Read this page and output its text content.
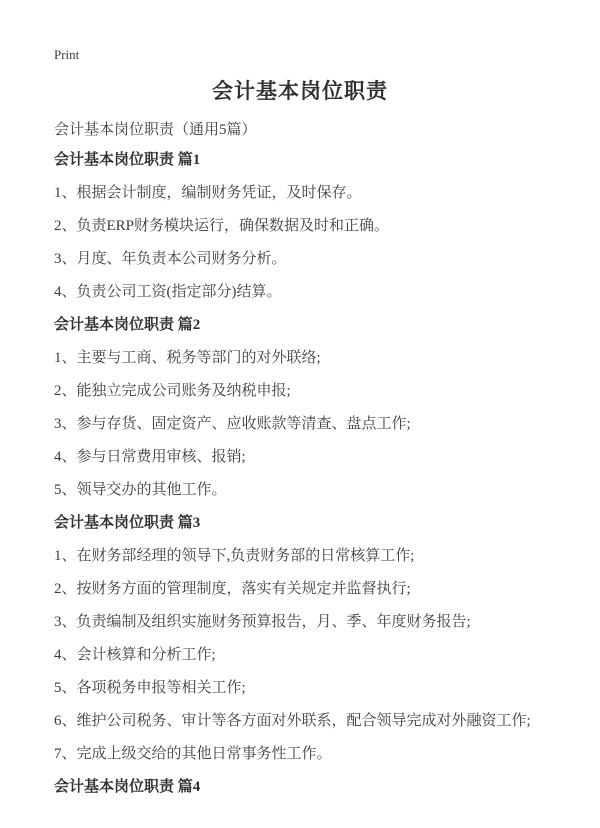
Print
会计基本岗位职责

会计基本岗位职责（通用5篇）

会计基本岗位职责 篇1

1、根据会计制度，编制财务凭证，及时保存。

2、负责ERP财务模块运行，确保数据及时和正确。

3、月度、年负责本公司财务分析。

4、负责公司工资(指定部分)结算。

会计基本岗位职责 篇2

1、主要与工商、税务等部门的对外联络;

2、能独立完成公司账务及纳税申报;

3、参与存货、固定资产、应收账款等清查、盘点工作;

4、参与日常费用审核、报销;

5、领导交办的其他工作。

会计基本岗位职责 篇3

1、在财务部经理的领导下,负责财务部的日常核算工作;

2、按财务方面的管理制度，落实有关规定并监督执行;

3、负责编制及组织实施财务预算报告，月、季、年度财务报告;

4、会计核算和分析工作;

5、各项税务申报等相关工作;

6、维护公司税务、审计等各方面对外联系，配合领导完成对外融资工作;

7、完成上级交给的其他日常事务性工作。

会计基本岗位职责 篇4
